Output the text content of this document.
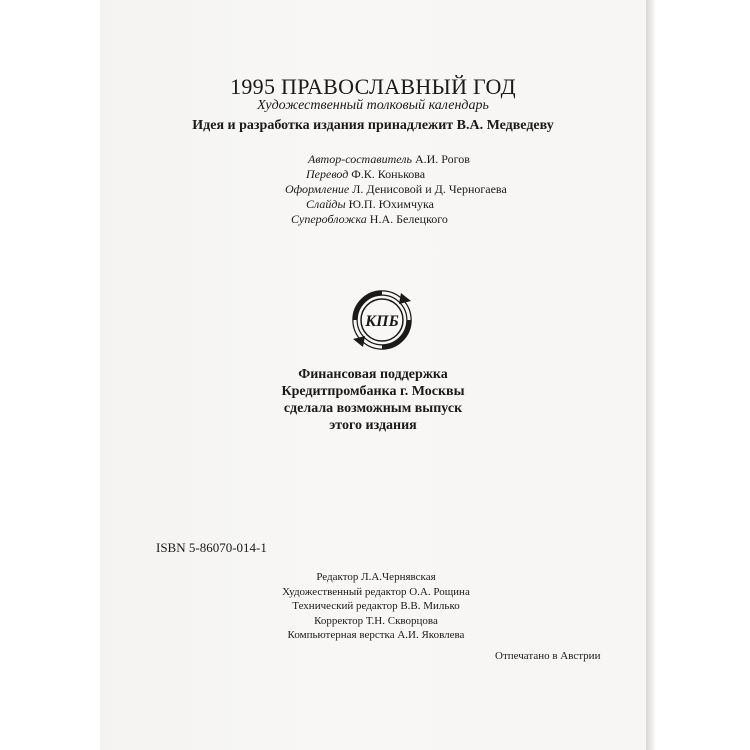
1995 ПРАВОСЛАВНЫЙ ГОД
Художественный толковый календарь
Идея и разработка издания принадлежит В.А. Медведеву
Автор-составитель А.И. Рогов
Перевод Ф.К. Конькова
Оформление Л. Денисовой и Д. Черногаева
Слайды Ю.П. Юхимчука
Суперобложка Н.А. Белецкого
КПБ
Финансовая поддержка
Кредитпромбанка г. Москвы
сделала возможным выпуск
этого издания
ISBN 5-86070-014-1
Редактор Л.А.Чернявская
Художественный редактор О.А. Рощина
Технический редактор В.В. Милько
Корректор Т.Н. Скворцова
Компьютерная верстка А.И. Яковлева
Отпечатано в Австрии
